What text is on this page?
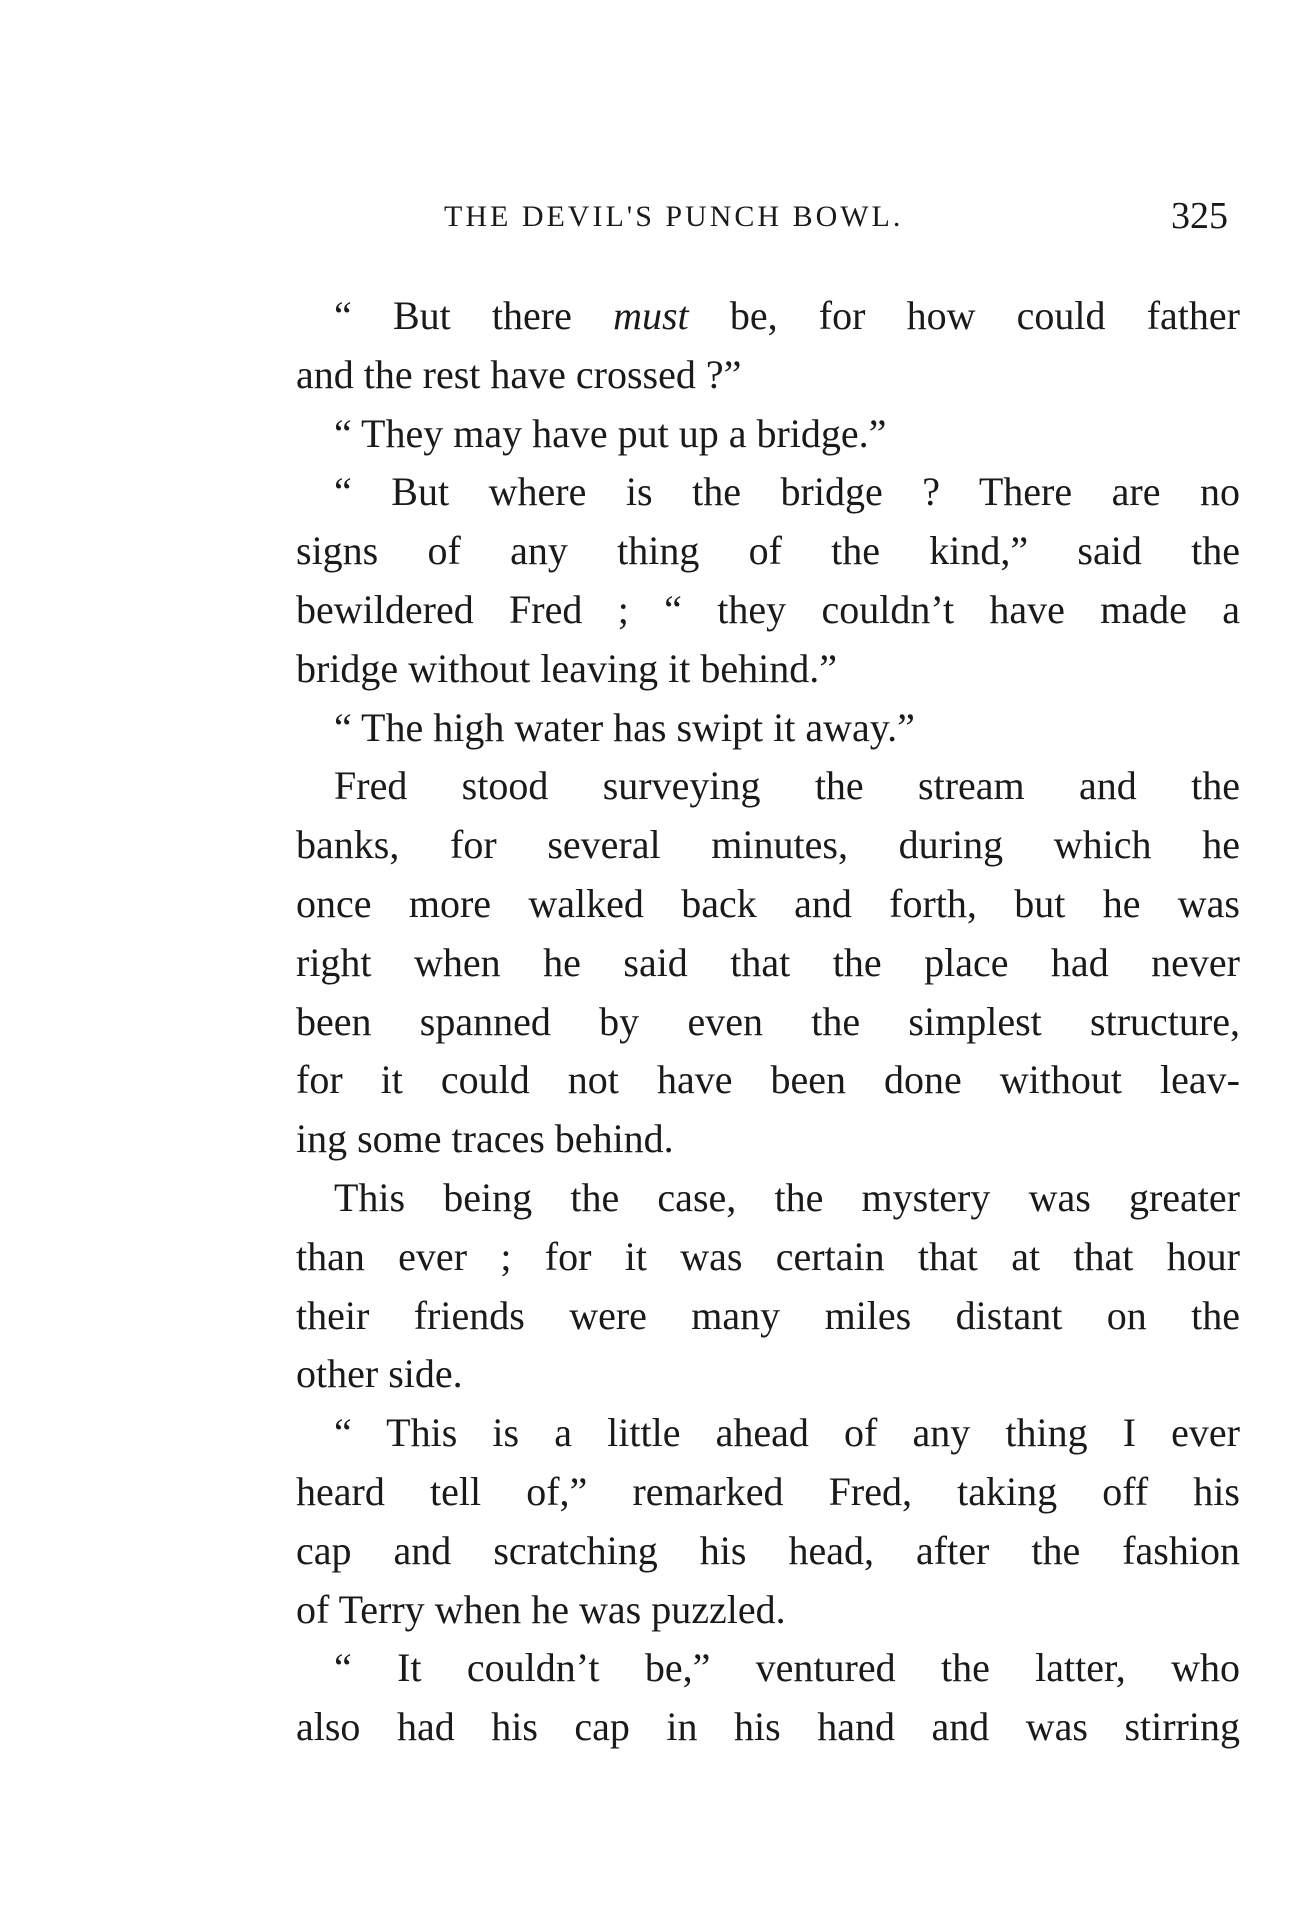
THE DEVIL'S PUNCH BOWL.	325
“ But there must be, for how could father
and the rest have crossed ?”
“ They may have put up a bridge.”
“ But where is the bridge ? There are no
signs of any thing of the kind,” said the
bewildered Fred ; “ they couldn’t have made a
bridge without leaving it behind.”
“ The high water has swipt it away.”
Fred stood surveying the stream and the
banks, for several minutes, during which he
once more walked back and forth, but he was
right when he said that the place had never
been spanned by even the simplest structure,
for it could not have been done without leav-
ing some traces behind.
This being the case, the mystery was greater
than ever ; for it was certain that at that hour
their friends were many miles distant on the
other side.
“ This is a little ahead of any thing I ever
heard tell of,” remarked Fred, taking off his
cap and scratching his head, after the fashion
of Terry when he was puzzled.
“ It couldn’t be,” ventured the latter, who
also had his cap in his hand and was stirring
